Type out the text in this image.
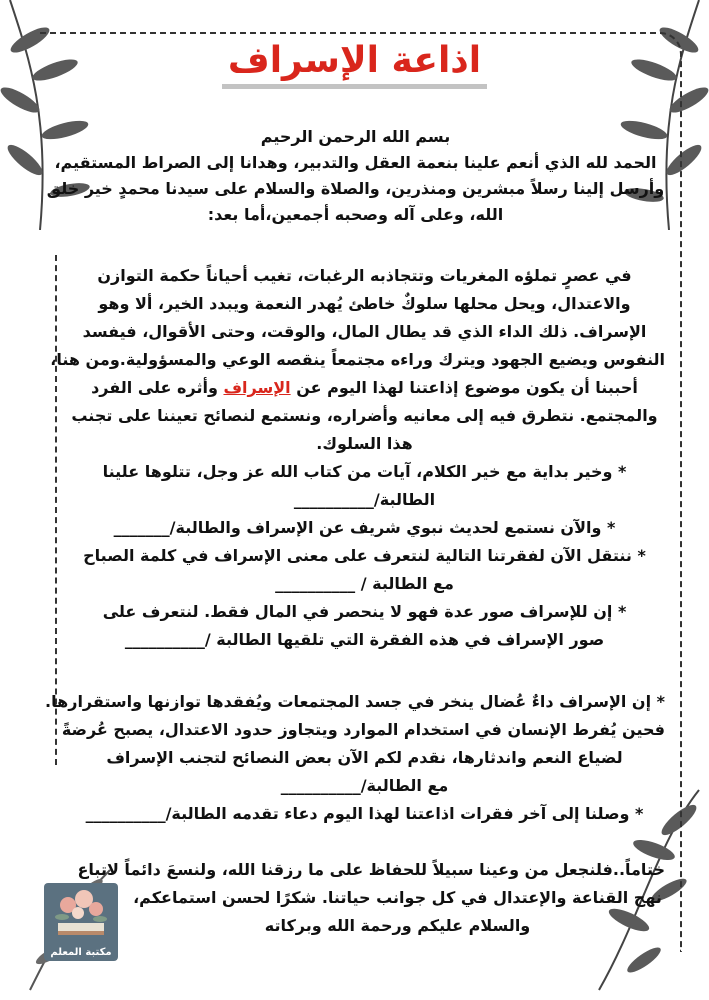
اذاعة الإسراف
بسم الله الرحمن الرحيم
الحمد لله الذي أنعم علينا بنعمة العقل والتدبير، وهدانا إلى الصراط المستقيم،
وأرسل إلينا رسلاً مبشرين ومنذرين، والصلاة والسلام على سيدنا محمدٍ خير خلق
الله، وعلى آله وصحبه أجمعين،أما بعد:
في عصرٍ تملؤه المغريات وتتجاذبه الرغبات، تغيب أحياناً حكمة التوازن
والاعتدال، ويحل محلها سلوكٌ خاطئ يُهدر النعمة ويبدد الخير، ألا وهو
الإسراف. ذلك الداء الذي قد يطال المال، والوقت، وحتى الأقوال، فيفسد
النفوس ويضيع الجهود ويترك وراءه مجتمعاً ينقصه الوعي والمسؤولية.ومن هنا،
أحببنا أن يكون موضوع إذاعتنا لهذا اليوم عن الإسراف وأثره على الفرد
والمجتمع. نتطرق فيه إلى معانيه وأضراره، ونستمع لنصائح تعيننا على تجنب
هذا السلوك.
* وخير بداية مع خير الكلام، آيات من كتاب الله عز وجل، تتلوها علينا
الطالبة/__________
* والآن نستمع لحديث نبوي شريف عن الإسراف والطالبة/_______
* ننتقل الآن لفقرتنا التالية لنتعرف على معنى الإسراف في كلمة الصباح
مع الطالبة / __________
* إن للإسراف صور عدة فهو لا ينحصر في المال فقط. لنتعرف على
صور الإسراف في هذه الفقرة التي تلقيها الطالبة /__________
* إن الإسراف داءٌ عُضال ينخر في جسد المجتمعات ويُفقدها توازنها واستقرارها.
فحين يُفرط الإنسان في استخدام الموارد ويتجاوز حدود الاعتدال، يصبح عُرضةً
لضياع النعم واندثارها، نقدم لكم الآن بعض النصائح لتجنب الإسراف
مع الطالبة/__________
* وصلنا إلى آخر فقرات اذاعتنا لهذا اليوم دعاء تقدمه الطالبة/__________
ختاماً..فلنجعل من وعينا سبيلاً للحفاظ على ما رزقنا الله، ولنسعَ دائماً لاتباع
نهج القناعة والإعتدال في كل جوانب حياتنا. شكرًا لحسن استماعكم،
والسلام عليكم ورحمة الله وبركاته
مكتبة المعلم
